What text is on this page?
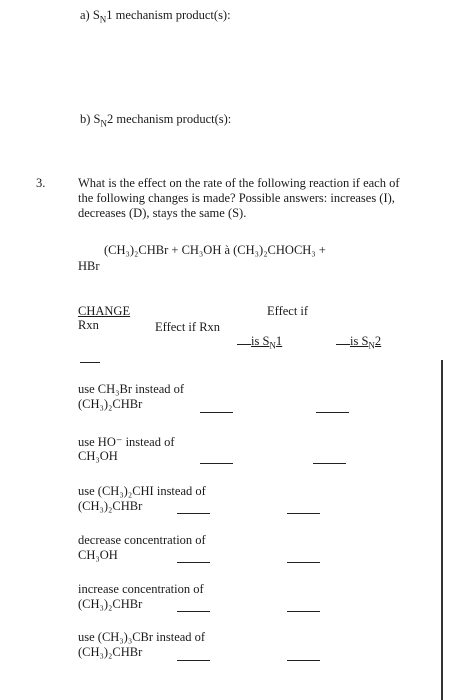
a) $S_N1$ mechanism product(s):
b) $S_N2$ mechanism product(s):
3.	What is the effect on the rate of the following reaction if each of the following changes is made? Possible answers: increases (I), decreases (D), stays the same (S).
(CH₃)₂CHBr + CH₃OH à (CH₃)₂CHOCH₃ +
HBr
CHANGE
Rxn
Effect if
Effect if Rxn
is $S_N1$	is $S_N2$
use CH₃Br instead of
(CH₃)₂CHBr
use HO⁻ instead of
CH₃OH
use (CH₃)₂CHI instead of
(CH₃)₂CHBr
decrease concentration of
CH₃OH
increase concentration of
(CH₃)₂CHBr
use (CH₃)₃CBr instead of
(CH₃)₂CHBr
